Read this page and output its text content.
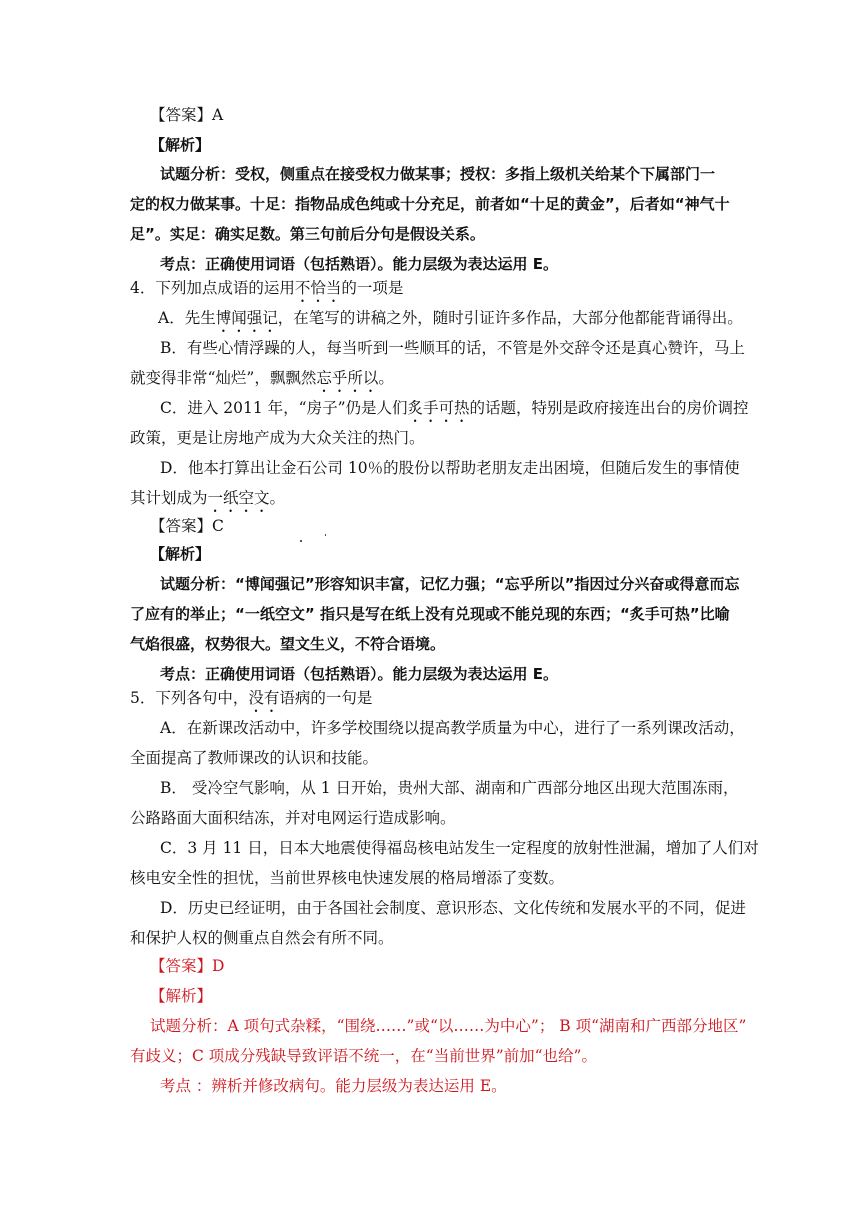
【答案】A
【解析】
试题分析：受权，侧重点在接受权力做某事；授权：多指上级机关给某个下属部门一
定的权力做某事。十足：指物品成色纯或十分充足，前者如“十足的黄金”，后者如“神气十
足”。实足：确实足数。第三句前后分句是假设关系。
考点：正确使用词语（包括熟语）。能力层级为表达运用 E。
4．下列加点成语的运用不恰当的一项是
A．先生博闻强记，在笔写的讲稿之外，随时引证许多作品，大部分他都能背诵得出。
B．有些心情浮躁的人，每当听到一些顺耳的话，不管是外交辞令还是真心赞许，马上
就变得非常“灿烂”，飘飘然忘乎所以。
C．进入 2011 年，“房子”仍是人们炙手可热的话题，特别是政府接连出台的房价调控
政策，更是让房地产成为大众关注的热门。
D．他本打算出让金石公司 10％的股份以帮助老朋友走出困境，但随后发生的事情使
其计划成为一纸空文。
【答案】C
【解析】
试题分析：“博闻强记”形容知识丰富，记忆力强；“忘乎所以”指因过分兴奋或得意而忘
了应有的举止；“一纸空文” 指只是写在纸上没有兑现或不能兑现的东西；“炙手可热”比喻
气焰很盛，权势很大。望文生义，不符合语境。
考点：正确使用词语（包括熟语）。能力层级为表达运用 E。
5．下列各句中，没有语病的一句是
A．在新课改活动中，许多学校围绕以提高教学质量为中心，进行了一系列课改活动，
全面提高了教师课改的认识和技能。
B． 受冷空气影响，从 1 日开始，贵州大部、湖南和广西部分地区出现大范围冻雨，
公路路面大面积结冻，并对电网运行造成影响。
C．3 月 11 日，日本大地震使得福岛核电站发生一定程度的放射性泄漏，增加了人们对
核电安全性的担忧，当前世界核电快速发展的格局增添了变数。
D．历史已经证明，由于各国社会制度、意识形态、文化传统和发展水平的不同，促进
和保护人权的侧重点自然会有所不同。
【答案】D
【解析】
试题分析：A 项句式杂糅，“围绕……”或“以……为中心”； B 项“湖南和广西部分地区”
有歧义；C 项成分残缺导致评语不统一，在“当前世界”前加“也给”。
考点 ：辨析并修改病句。能力层级为表达运用 E。
